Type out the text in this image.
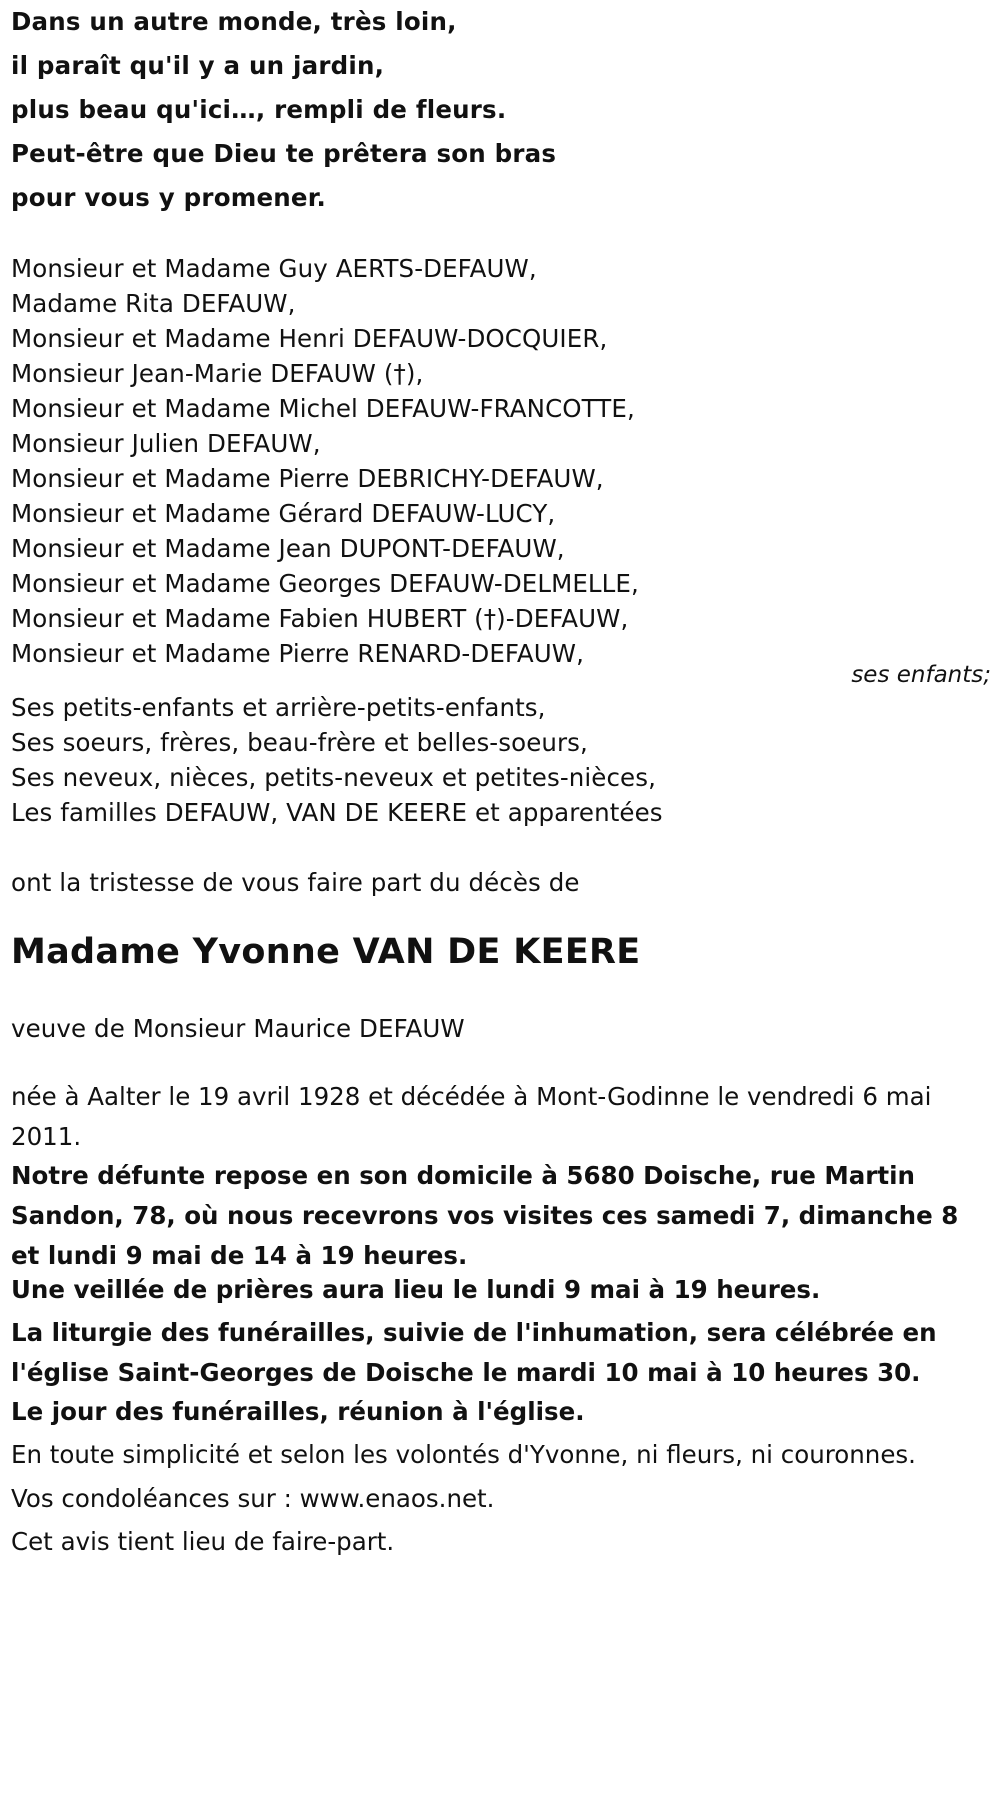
Dans un autre monde, très loin,
il paraît qu'il y a un jardin,
plus beau qu'ici…, rempli de fleurs.
Peut-être que Dieu te prêtera son bras
pour vous y promener.
Monsieur et Madame Guy AERTS-DEFAUW,
Madame Rita DEFAUW,
Monsieur et Madame Henri DEFAUW-DOCQUIER,
Monsieur Jean-Marie DEFAUW (†),
Monsieur et Madame Michel DEFAUW-FRANCOTTE,
Monsieur Julien DEFAUW,
Monsieur et Madame Pierre DEBRICHY-DEFAUW,
Monsieur et Madame Gérard DEFAUW-LUCY,
Monsieur et Madame Jean DUPONT-DEFAUW,
Monsieur et Madame Georges DEFAUW-DELMELLE,
Monsieur et Madame Fabien HUBERT (†)-DEFAUW,
Monsieur et Madame Pierre RENARD-DEFAUW,
ses enfants;
Ses petits-enfants et arrière-petits-enfants,
Ses soeurs, frères, beau-frère et belles-soeurs,
Ses neveux, nièces, petits-neveux et petites-nièces,
Les familles DEFAUW, VAN DE KEERE et apparentées
ont la tristesse de vous faire part du décès de
Madame Yvonne VAN DE KEERE
veuve de Monsieur Maurice DEFAUW
née à Aalter le 19 avril 1928 et décédée à Mont-Godinne le vendredi 6 mai 2011.
Notre défunte repose en son domicile à 5680 Doische, rue Martin Sandon, 78, où nous recevrons vos visites ces samedi 7, dimanche 8 et lundi 9 mai de 14 à 19 heures.
Une veillée de prières aura lieu le lundi 9 mai à 19 heures.
La liturgie des funérailles, suivie de l'inhumation, sera célébrée en l'église Saint-Georges de Doische le mardi 10 mai à 10 heures 30.
Le jour des funérailles, réunion à l'église.
En toute simplicité et selon les volontés d'Yvonne, ni fleurs, ni couronnes.
Vos condoléances sur : www.enaos.net.
Cet avis tient lieu de faire-part.
